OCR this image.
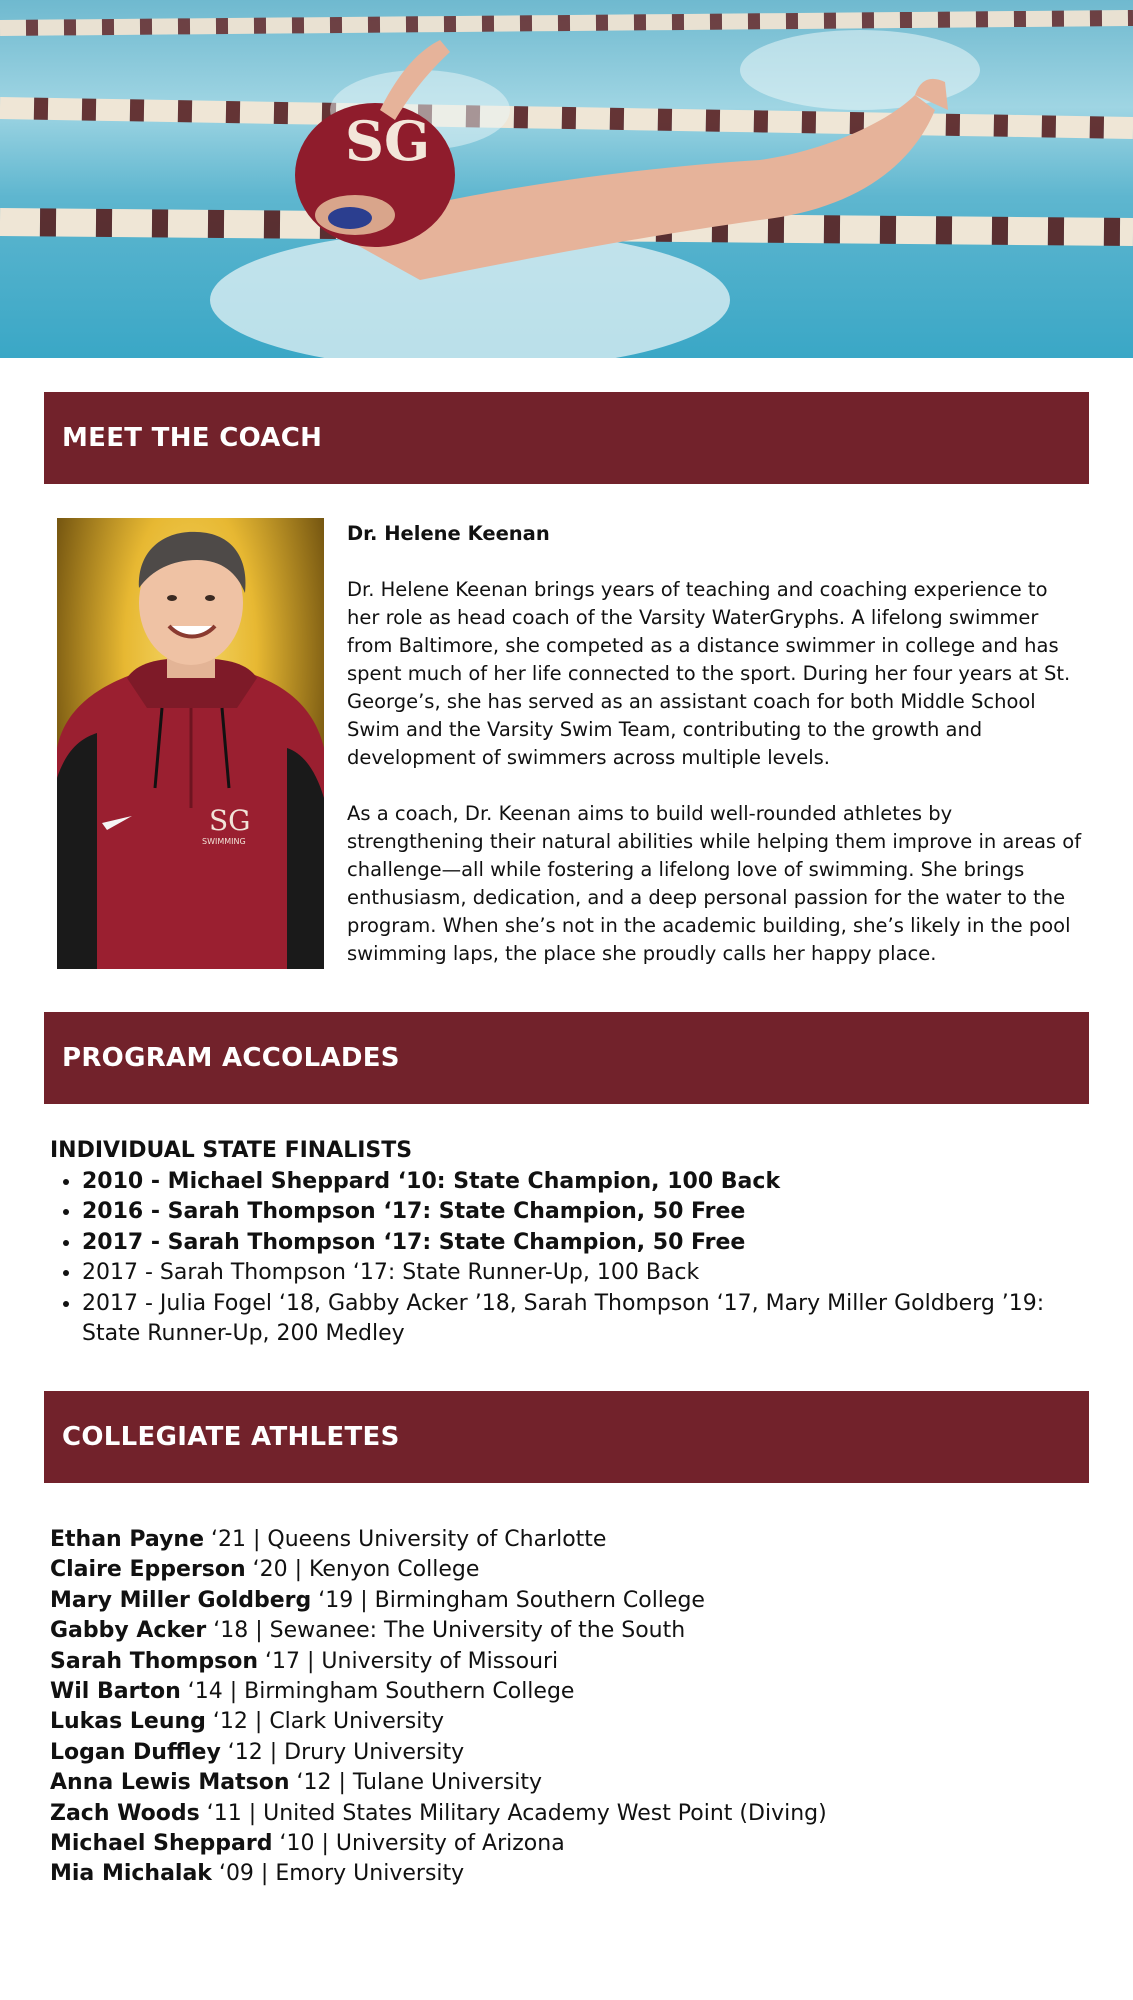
SG
MEET THE COACH
SG
SWIMMING
Dr. Helene Keenan

Dr. Helene Keenan brings years of teaching and coaching experience to her role as head coach of the Varsity WaterGryphs. A lifelong swimmer from Baltimore, she competed as a distance swimmer in college and has spent much of her life connected to the sport. During her four years at St. George’s, she has served as an assistant coach for both Middle School Swim and the Varsity Swim Team, contributing to the growth and development of swimmers across multiple levels.

As a coach, Dr. Keenan aims to build well-rounded athletes by strengthening their natural abilities while helping them improve in areas of challenge—all while fostering a lifelong love of swimming. She brings enthusiasm, dedication, and a deep personal passion for the water to the program. When she’s not in the academic building, she’s likely in the pool swimming laps, the place she proudly calls her happy place.

PROGRAM ACCOLADES
INDIVIDUAL STATE FINALISTS
• 2010 - Michael Sheppard ‘10: State Champion, 100 Back
• 2016 - Sarah Thompson ‘17: State Champion, 50 Free
• 2017 - Sarah Thompson ‘17: State Champion, 50 Free
• 2017 - Sarah Thompson ‘17: State Runner-Up, 100 Back
• 2017 - Julia Fogel ‘18, Gabby Acker ’18, Sarah Thompson ‘17, Mary Miller Goldberg ’19: State Runner-Up, 200 Medley
COLLEGIATE ATHLETES
Ethan Payne ‘21 | Queens University of Charlotte
Claire Epperson ‘20 | Kenyon College
Mary Miller Goldberg ‘19 | Birmingham Southern College
Gabby Acker ‘18 | Sewanee: The University of the South
Sarah Thompson ‘17 | University of Missouri
Wil Barton ‘14 | Birmingham Southern College
Lukas Leung ‘12 | Clark University
Logan Duffley ‘12 | Drury University
Anna Lewis Matson ‘12 | Tulane University
Zach Woods ‘11 | United States Military Academy West Point (Diving)
Michael Sheppard ‘10 | University of Arizona
Mia Michalak ‘09 | Emory University
